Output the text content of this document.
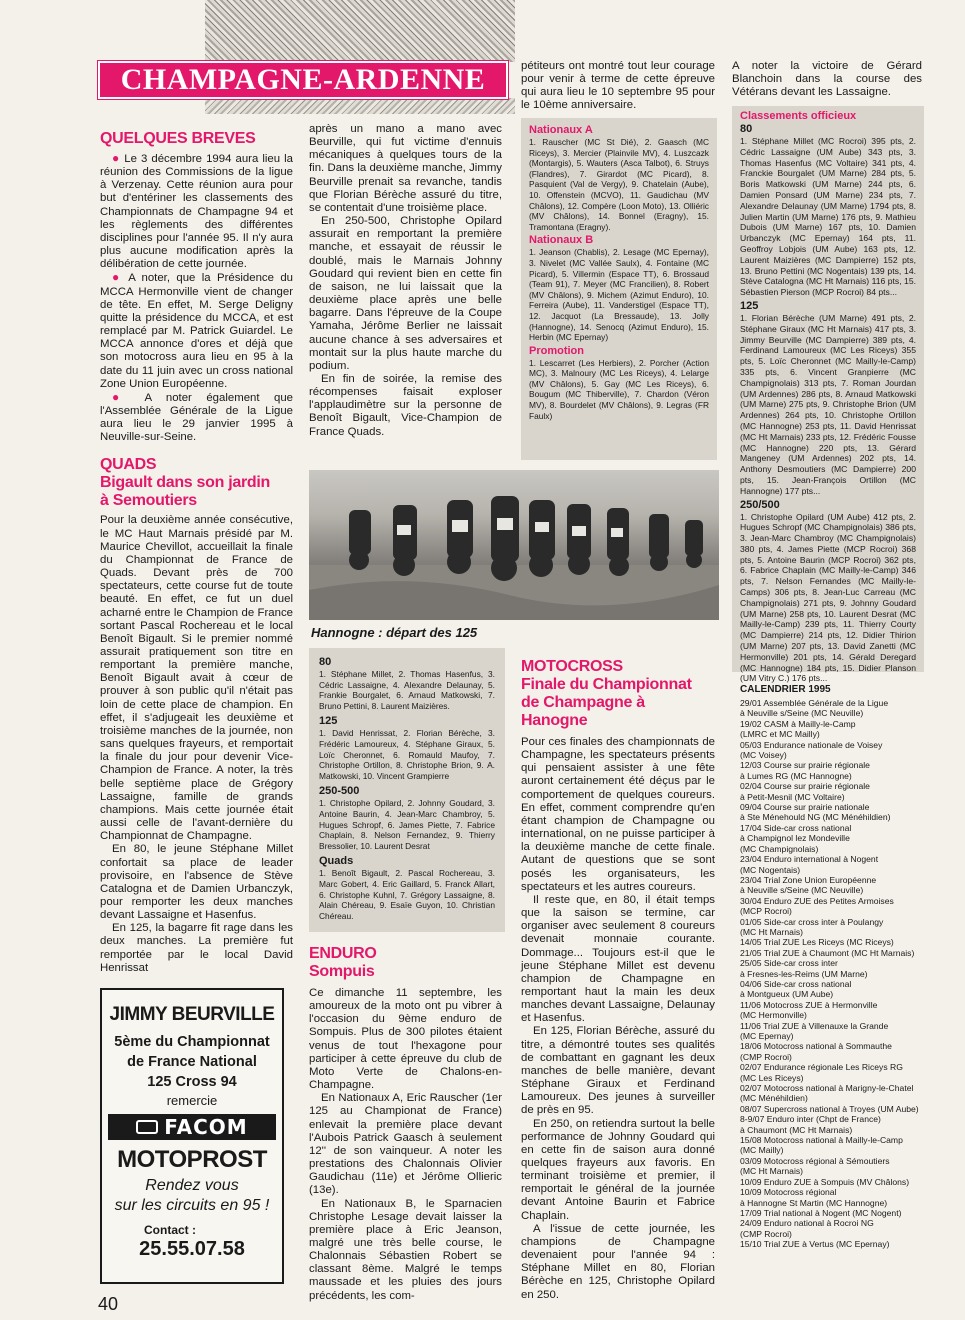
CHAMPAGNE-ARDENNE
QUELQUES BREVES

● Le 3 décembre 1994 aura lieu la réunion des Commissions de la ligue à Verzenay. Cette réunion aura pour but d'entériner les classements des Championnats de Champagne 94 et les règlements des différentes disciplines pour l'année 95. Il n'y aura plus aucune modification après la délibération de cette journée.

● A noter, que la Présidence du MCCA Hermonville vient de changer de tête. En effet, M. Serge Deligny quitte la présidence du MCCA, et est remplacé par M. Patrick Guiardel. Le MCCA annonce d'ores et déjà que son motocross aura lieu en 95 à la date du 11 juin avec un cross national Zone Union Européenne.

● A noter également que l'Assemblée Générale de la Ligue aura lieu le 29 janvier 1995 à Neuville-sur-Seine.

QUADS
Bigault dans son jardin
à Semoutiers

Pour la deuxième année consécutive, le MC Haut Marnais présidé par M. Maurice Chevillot, accueillait la finale du Championnat de France de Quads. Devant près de 700 spectateurs, cette course fut de toute beauté. En effet, ce fut un duel acharné entre le Champion de France sortant Pascal Rochereau et le local Benoît Bigault. Si le premier nommé assurait pratiquement son titre en remportant la première manche, Benoît Bigault avait à cœur de prouver à son public qu'il n'était pas loin de cette place de champion. En effet, il s'adjugeait les deuxième et troisième manches de la journée, non sans quelques frayeurs, et remportait la finale du jour pour devenir Vice-Champion de France. A noter, la très belle septième place de Grégory Lassaigne, famille de grands champions. Mais cette journée était aussi celle de l'avant-dernière du Championnat de Champagne.

En 80, le jeune Stéphane Millet confortait sa place de leader provisoire, en l'absence de Stève Catalogna et de Damien Urbanczyk, pour remporter les deux manches devant Lassaigne et Hasenfus.

En 125, la bagarre fit rage dans les deux manches. La première fut remportée par le local David Henrissat

JIMMY BEURVILLE
5ème du Championnat
de France National
125 Cross 94
remercie
FACOM
MOTOPROST
Rendez vous
sur les circuits en 95 !
Contact :
25.55.07.58

après un mano a mano avec Beurville, qui fut victime d'ennuis mécaniques à quelques tours de la fin. Dans la deuxième manche, Jimmy Beurville prenait sa revanche, tandis que Florian Bérèche assuré du titre, se contentait d'une troisième place.

En 250-500, Christophe Opilard assurait en remportant la première manche, et essayait de réussir le doublé, mais le Marnais Johnny Goudard qui revient bien en cette fin de saison, ne lui laissait que la deuxième place après une belle bagarre. Dans l'épreuve de la Coupe Yamaha, Jérôme Berlier ne laissait aucune chance à ses adversaires et montait sur la plus haute marche du podium.

En fin de soirée, la remise des récompenses faisait exploser l'applaudimètre sur la personne de Benoît Bigault, Vice-Champion de France Quads.

pétiteurs ont montré tout leur courage pour venir à terme de cette épreuve qui aura lieu le 10 septembre 95 pour le 10ème anniversaire.
Nationaux A
1. Rauscher (MC St Dié), 2. Gaasch (MC Riceys), 3. Mercier (Plainvile MV), 4. Luszcazk (Montargis), 5. Wauters (Asca Talbot), 6. Struys (Flandres), 7. Girardot (MC Picard), 8. Pasquient (Val de Vergy), 9. Chatelain (Aube), 10. Offenstein (MCVO), 11. Gaudichau (MV Châlons), 12. Compère (Loon Moto), 13. Olliéric (MV Châlons), 14. Bonnel (Eragny), 15. Tramontana (Eragny).
Nationaux B
1. Jeanson (Chablis), 2. Lesage (MC Epernay), 3. Nivelet (MC Vallée Saulx), 4. Fontaine (MC Picard), 5. Villermin (Espace TT), 6. Brossaud (Team 91), 7. Meyer (MC Francilien), 8. Robert (MV Châlons), 9. Michem (Azimut Enduro), 10. Ferreira (Aube), 11. Vanderstigel (Espace TT), 12. Jacquot (La Bressaude), 13. Jolly (Hannogne), 14. Senocq (Azimut Enduro), 15. Herbin (MC Epernay)
Promotion
1. Lescarret (Les Herbiers), 2. Porcher (Action MC), 3. Malnoury (MC Les Riceys), 4. Lelarge (MV Châlons), 5. Gay (MC Les Riceys), 6. Bougum (MC Thiberville), 7. Chardon (Véron MV), 8. Bourdelet (MV Châlons), 9. Legras (FR Faulx)
Hannogne : départ des 125
80
1. Stéphane Millet, 2. Thomas Hasenfus, 3. Cédric Lassaigne, 4. Alexandre Delaunay, 5. Frankie Bourgalet, 6. Arnaud Matkowski, 7. Bruno Pettini, 8. Laurent Maizières.
125
1. David Henrissat, 2. Florian Bérèche, 3. Frédéric Lamoureux, 4. Stéphane Giraux, 5. Loïc Cheronnet, 6. Romauld Maufoy, 7. Christophe Ortillon, 8. Christophe Brion, 9. A. Matkowski, 10. Vincent Grampierre
250-500
1. Christophe Opilard, 2. Johnny Goudard, 3. Antoine Baurin, 4. Jean-Marc Chambroy, 5. Hugues Schropf, 6. James Piette, 7. Fabrice Chaplain, 8. Nelson Fernandez, 9. Thierry Bressolier, 10. Laurent Desrat
Quads
1. Benoît Bigault, 2. Pascal Rochereau, 3. Marc Gobert, 4. Eric Gaillard, 5. Franck Allart, 6. Christophe Kuhnl, 7. Grégory Lassaigne, 8. Alain Chéreau, 9. Esaïe Guyon, 10. Christian Chéreau.
ENDURO
Sompuis

Ce dimanche 11 septembre, les amoureux de la moto ont pu vibrer à l'occasion du 9ème enduro de Sompuis. Plus de 300 pilotes étaient venus de tout l'hexagone pour participer à cette épreuve du club de Moto Verte de Chalons-en-Champagne.

En Nationaux A, Eric Rauscher (1er 125 au Championat de France) enlevait la première place devant l'Aubois Patrick Gaasch à seulement 12'' de son vainqueur. A noter les prestations des Chalonnais Olivier Gaudichau (11e) et Jérôme Ollieric (13e).

En Nationaux B, le Sparnacien Christophe Lesage devait laisser la première place à Eric Jeanson, malgré une très belle course, le Chalonnais Sébastien Robert se classant 8ème. Malgré le temps maussade et les pluies des jours précédents, les com-

MOTOCROSS
Finale du Championnat
de Champagne à Hanogne

Pour ces finales des championnats de Champagne, les spectateurs présents qui pensaient assister à une fête auront certainement été déçus par le comportement de quelques coureurs. En effet, comment comprendre qu'en étant champion de Champagne ou international, on ne puisse participer à la deuxième manche de cette finale. Autant de questions que se sont posés les organisateurs, les spectateurs et les autres coureurs.

Il reste que, en 80, il était temps que la saison se termine, car organiser avec seulement 8 coureurs devenait monnaie courante. Dommage... Toujours est-il que le jeune Stéphane Millet est devenu champion de Champagne en remportant haut la main les deux manches devant Lassaigne, Delaunay et Hasenfus.

En 125, Florian Bérèche, assuré du titre, a démontré toutes ses qualités de combattant en gagnant les deux manches de belle manière, devant Stéphane Giraux et Ferdinand Lamoureux. Des jeunes à surveiller de près en 95.

En 250, on retiendra surtout la belle performance de Johnny Goudard qui en cette fin de saison aura donné quelques frayeurs aux favoris. En terminant troisième et premier, il remportait le général de la journée devant Antoine Baurin et Fabrice Chaplain.

A l'issue de cette journée, les champions de Champagne devenaient pour l'année 94 : Stéphane Millet en 80, Florian Bérèche en 125, Christophe Opilard en 250.

A noter la victoire de Gérard Blanchoin dans la course des Vétérans devant les Lassaigne.
Classements officieux
80
1. Stéphane Millet (MC Rocroi) 395 pts, 2. Cédric Lassaigne (UM Aube) 343 pts, 3. Thomas Hasenfus (MC Voltaire) 341 pts, 4. Franckie Bourgalet (UM Marne) 284 pts, 5. Boris Matkowski (UM Marne) 244 pts, 6. Damien Ponsard (UM Marne) 234 pts, 7. Alexandre Delaunay (UM Marne) 1794 pts, 8. Julien Martin (UM Marne) 176 pts, 9. Mathieu Dubois (UM Marne) 167 pts, 10. Damien Urbanczyk (MC Epernay) 164 pts, 11. Geoffroy Lobjois (UM Aube) 163 pts, 12. Laurent Maizières (MC Dampierre) 152 pts, 13. Bruno Pettini (MC Nogentais) 139 pts, 14. Stève Catalogna (MC Ht Marnais) 116 pts, 15. Sébastien Pierson (MCP Rocroi) 84 pts...
125
1. Florian Bérèche (UM Marne) 491 pts, 2. Stéphane Giraux (MC Ht Marnais) 417 pts, 3. Jimmy Beurville (MC Dampierre) 389 pts, 4. Ferdinand Lamoureux (MC Les Riceys) 355 pts, 5. Loïc Cheronnet (MC Mailly-le-Camp) 335 pts, 6. Vincent Granpierre (MC Champignolais) 313 pts, 7. Roman Jourdan (UM Ardennes) 286 pts, 8. Arnaud Matkowski (UM Marne) 275 pts, 9. Christophe Brion (UM Ardennes) 264 pts, 10. Christophe Ortillon (MC Hannogne) 253 pts, 11. David Henrissat (MC Ht Marnais) 233 pts, 12. Frédéric Fousse (MC Hannogne) 220 pts, 13. Gérard Mangeney (UM Ardennes) 202 pts, 14. Anthony Desmoutiers (MC Dampierre) 200 pts, 15. Jean-François Ortillon (MC Hannogne) 177 pts...
250/500
1. Christophe Opilard (UM Aube) 412 pts, 2. Hugues Schropf (MC Champignolais) 386 pts, 3. Jean-Marc Chambroy (MC Champignolais) 380 pts, 4. James Piette (MCP Rocroi) 368 pts, 5. Antoine Baurin (MCP Rocroi) 362 pts, 6. Fabrice Chaplain (MC Mailly-le-Camp) 346 pts, 7. Nelson Fernandes (MC Mailly-le-Camps) 306 pts, 8. Jean-Luc Carreau (MC Champignolais) 271 pts, 9. Johnny Goudard (UM Marne) 258 pts, 10. Laurent Desrat (MC Mailly-le-Camp) 239 pts, 11. Thierry Courty (MC Dampierre) 214 pts, 12. Didier Thirion (UM Marne) 207 pts, 13. David Zanetti (MC Hermonville) 201 pts, 14. Gérald Deregard (MC Hannogne) 184 pts, 15. Didier Planson (UM Vitry C.) 176 pts...
CALENDRIER 1995
29/01 Assemblée Générale de la Ligue
à Neuville s/Seine (MC Neuville)
19/02 CASM à Mailly-le-Camp
(LMRC et MC Mailly)
05/03 Endurance nationale de Voisey
(MC Voisey)
12/03 Course sur prairie régionale
à Lumes RG (MC Hannogne)
02/04 Course sur prairie régionale
à Petit-Mesnil (MC Voltaire)
09/04 Course sur prairie nationale
à Ste Ménehould NG (MC Ménéhildien)
17/04 Side-car cross national
à Champignol lez Mondeville
(MC Champignolais)
23/04 Enduro international à Nogent
(MC Nogentais)
23/04 Trial Zone Union Européenne
à Neuville s/Seine (MC Neuville)
30/04 Enduro ZUE des Petites Armoises
(MCP Rocroi)
01/05 Side-car cross inter à Poulangy
(MC Ht Marnais)
14/05 Trial ZUE Les Riceys (MC Riceys)
21/05 Trial ZUE à Chaumont (MC Ht Marnais)
25/05 Side-car cross inter
à Fresnes-les-Reims (UM Marne)
04/06 Side-car cross national
à Montgueux (UM Aube)
11/06 Motocross ZUE à Hermonville
(MC Hermonville)
11/06 Trial ZUE à Villenauxe la Grande
(MC Epernay)
18/06 Motocross national à Sommauthe
(CMP Rocroi)
02/07 Endurance régionale Les Riceys RG
(MC Les Riceys)
02/07 Motocross national à Marigny-le-Chatel
(MC Ménéhildien)
08/07 Supercross national à Troyes (UM Aube)
8-9/07 Enduro inter (Chpt de France)
à Chaumont (MC Ht Marnais)
15/08 Motocross national à Mailly-le-Camp
(MC Mailly)
03/09 Motocross régional à Sémoutiers
(MC Ht Marnais)
10/09 Enduro ZUE à Sompuis (MV Châlons)
10/09 Motocross régional
à Hannogne St Martin (MC Hannogne)
17/09 Trial national à Nogent (MC Nogent)
24/09 Enduro national à Rocroi NG
(CMP Rocroi)
15/10 Trial ZUE à Vertus (MC Epernay)
40
